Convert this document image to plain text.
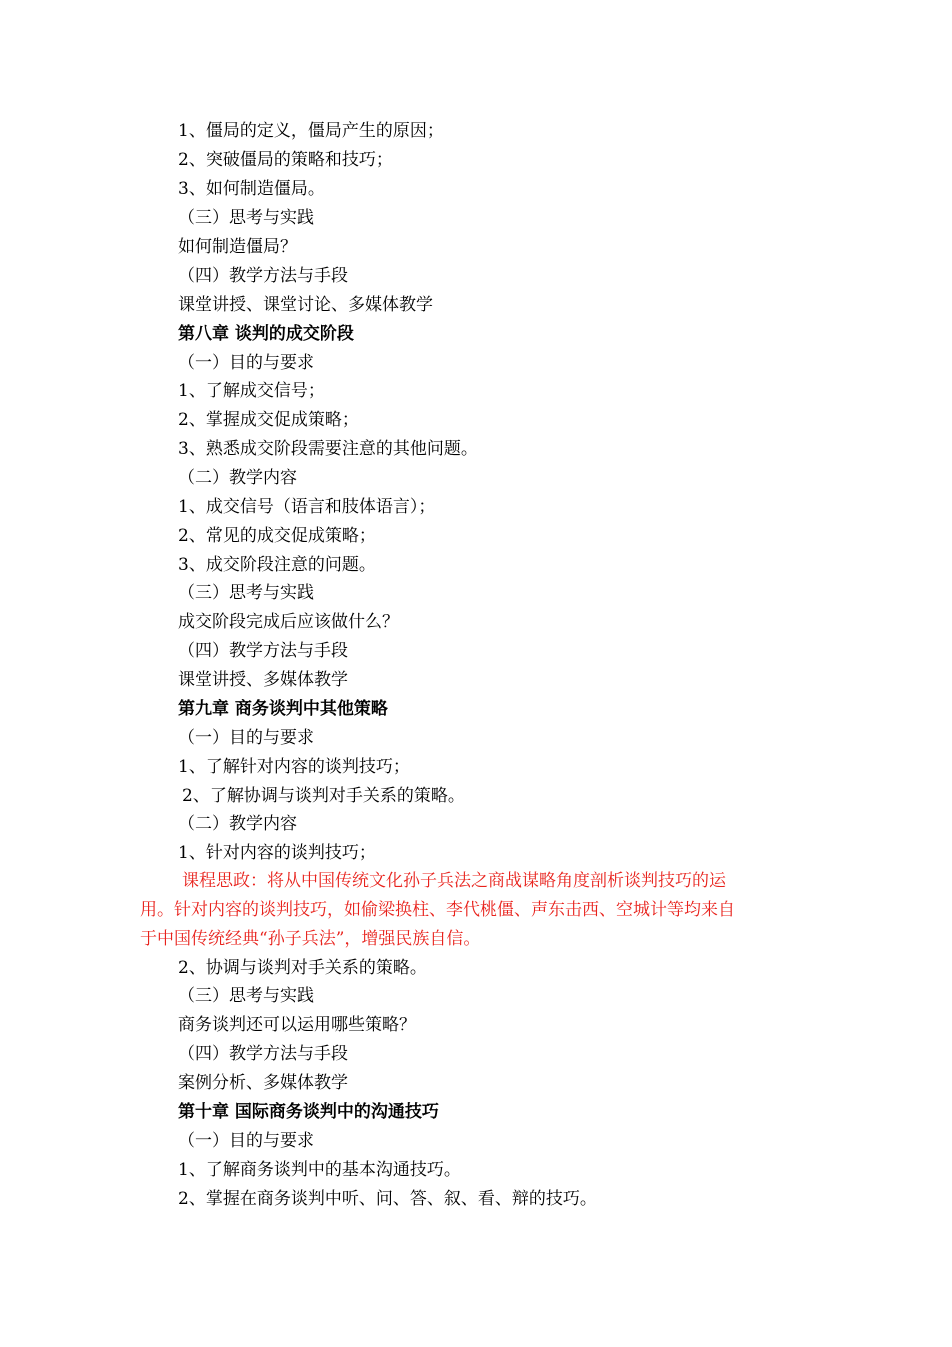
1、僵局的定义，僵局产生的原因；
2、突破僵局的策略和技巧；
3、如何制造僵局。
（三）思考与实践
如何制造僵局？
（四）教学方法与手段
课堂讲授、课堂讨论、多媒体教学
第八章 谈判的成交阶段
（一）目的与要求
1、了解成交信号；
2、掌握成交促成策略；
3、熟悉成交阶段需要注意的其他问题。
（二）教学内容
1、成交信号（语言和肢体语言）；
2、常见的成交促成策略；
3、成交阶段注意的问题。
（三）思考与实践
成交阶段完成后应该做什么？
（四）教学方法与手段
课堂讲授、多媒体教学
第九章 商务谈判中其他策略
（一）目的与要求
1、了解针对内容的谈判技巧；
2、了解协调与谈判对手关系的策略。
（二）教学内容
1、针对内容的谈判技巧；
课程思政：将从中国传统文化孙子兵法之商战谋略角度剖析谈判技巧的运
用。针对内容的谈判技巧，如偷梁换柱、李代桃僵、声东击西、空城计等均来自
于中国传统经典“孙子兵法”，增强民族自信。
2、协调与谈判对手关系的策略。
（三）思考与实践
商务谈判还可以运用哪些策略？
（四）教学方法与手段
案例分析、多媒体教学
第十章 国际商务谈判中的沟通技巧
（一）目的与要求
1、了解商务谈判中的基本沟通技巧。
2、掌握在商务谈判中听、问、答、叙、看、辩的技巧。
